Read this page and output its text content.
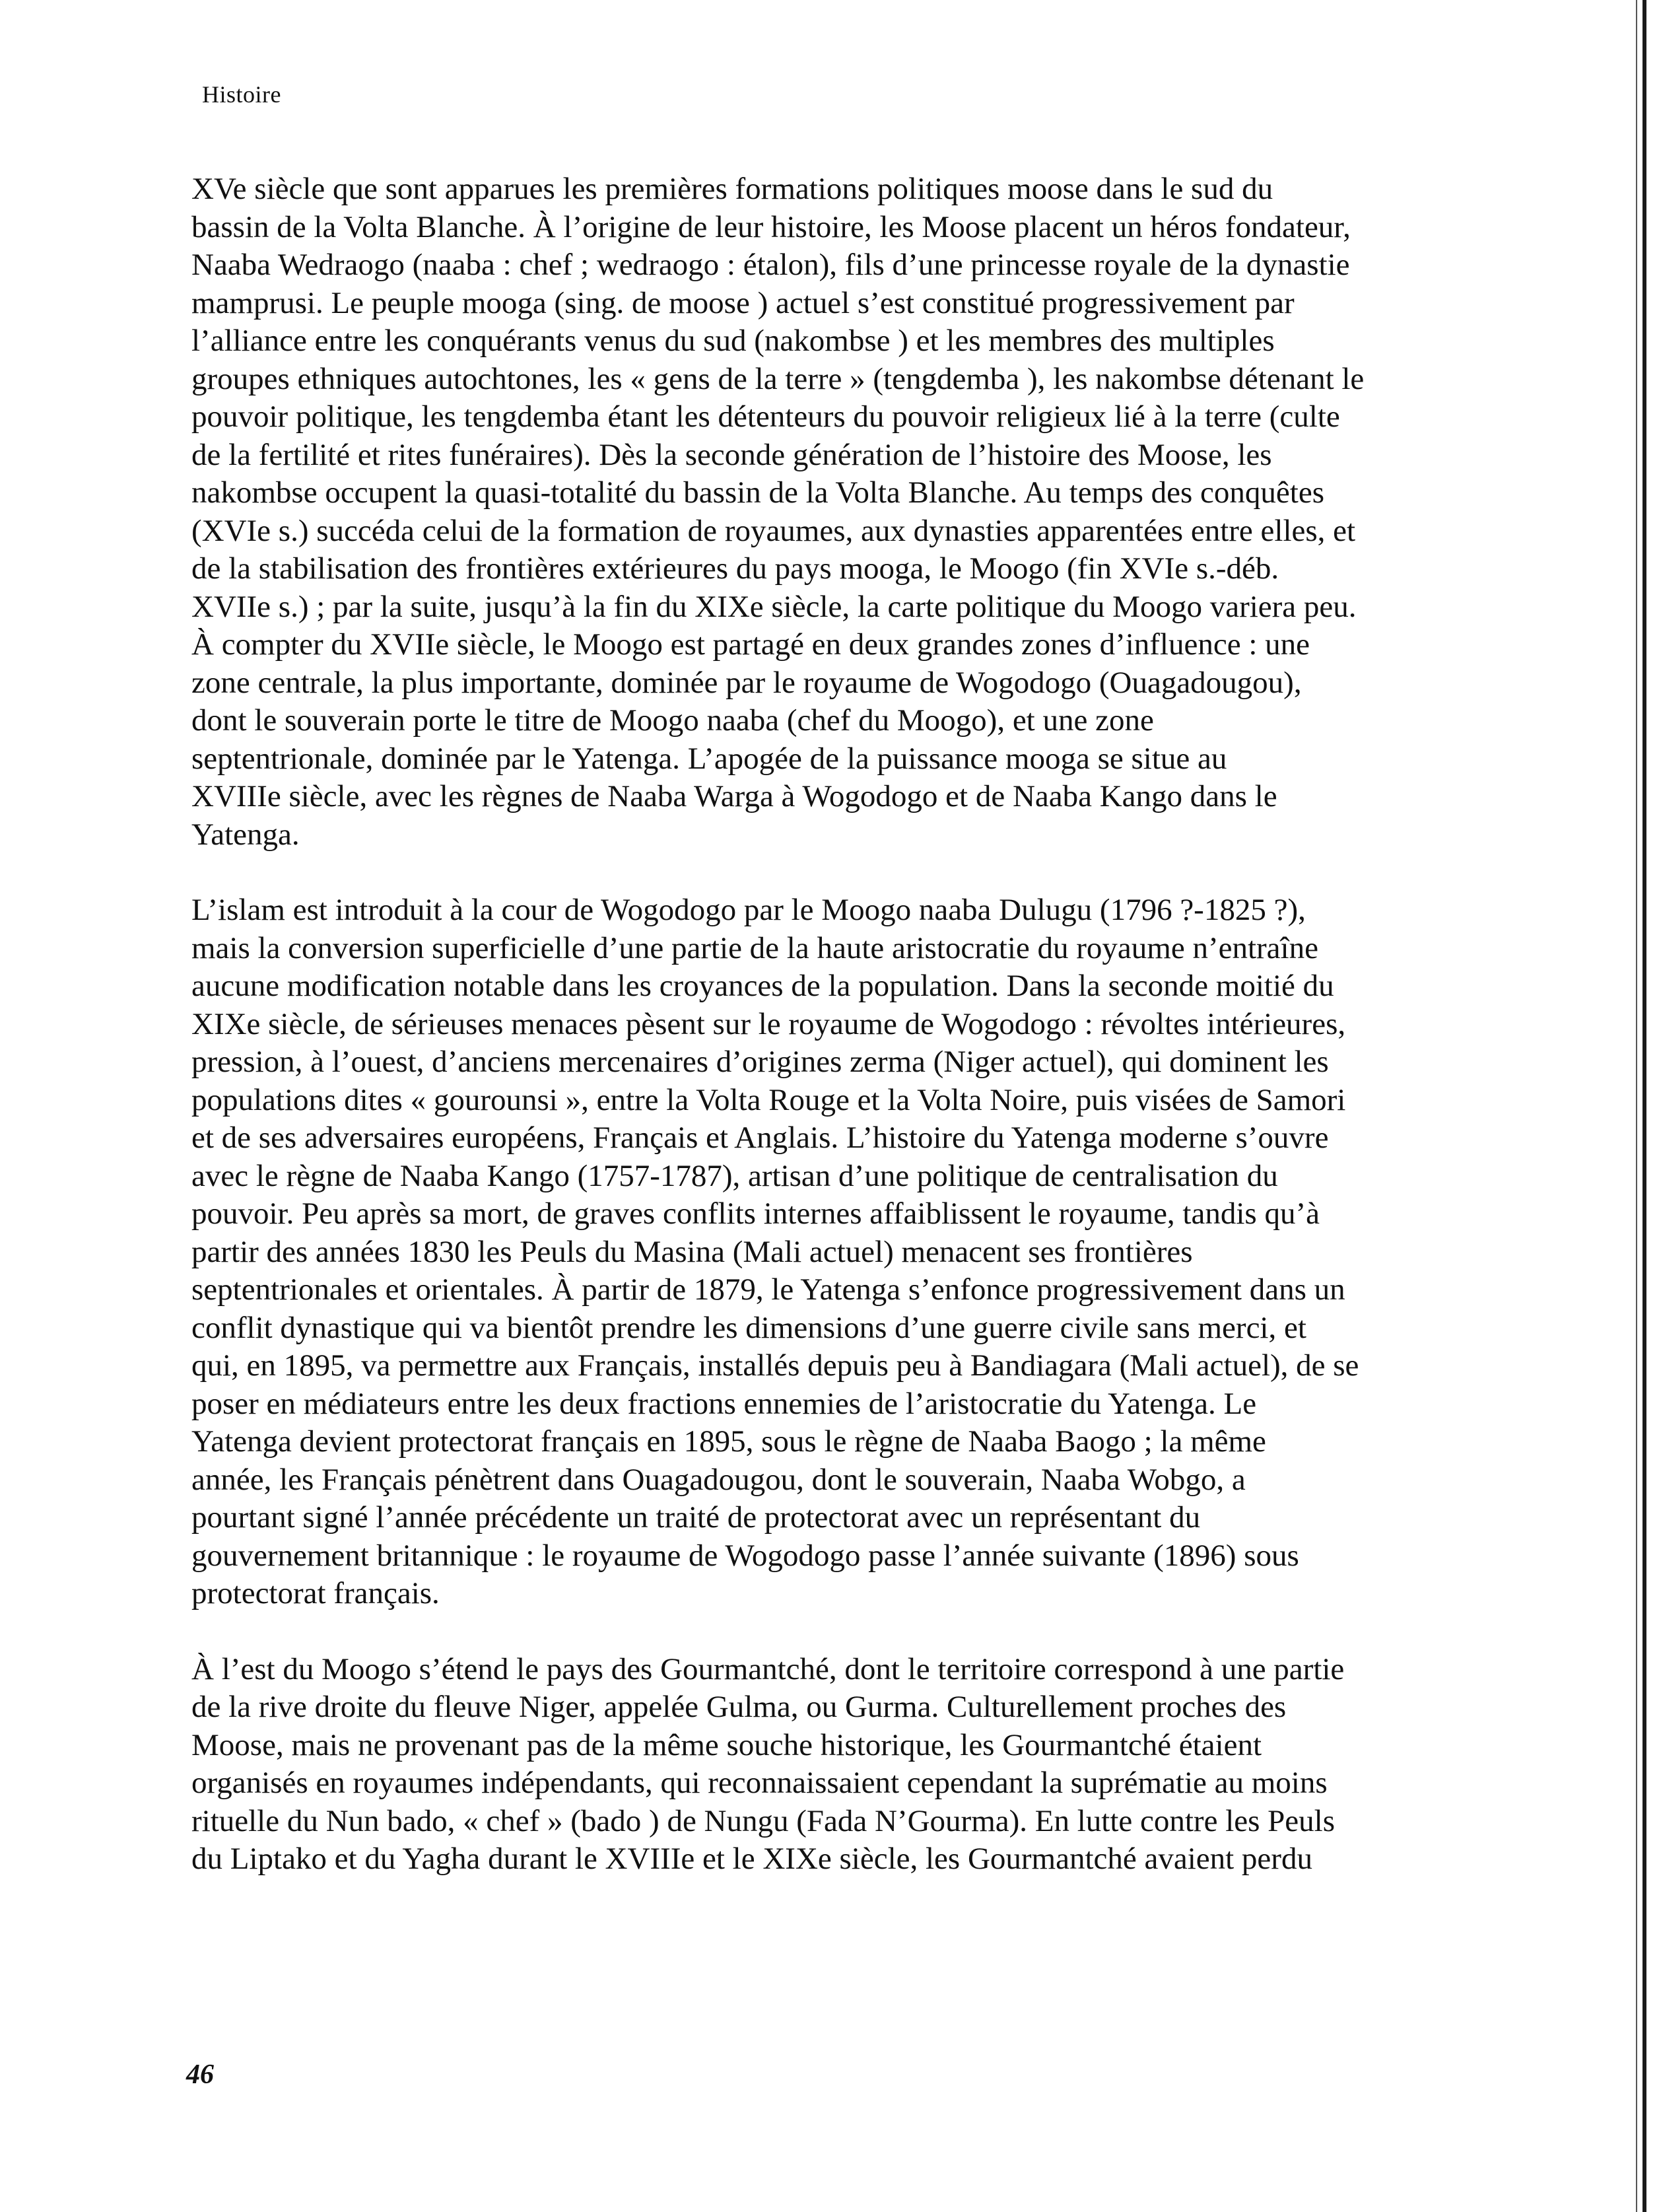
Histoire
XVe siècle que sont apparues les premières formations politiques moose dans le sud du
bassin de la Volta Blanche. À l’origine de leur histoire, les Moose placent un héros fondateur,
Naaba Wedraogo (naaba : chef ; wedraogo : étalon), fils d’une princesse royale de la dynastie
mamprusi. Le peuple mooga (sing. de moose ) actuel s’est constitué progressivement par
l’alliance entre les conquérants venus du sud (nakombse ) et les membres des multiples
groupes ethniques autochtones, les « gens de la terre » (tengdemba ), les nakombse détenant le
pouvoir politique, les tengdemba étant les détenteurs du pouvoir religieux lié à la terre (culte
de la fertilité et rites funéraires). Dès la seconde génération de l’histoire des Moose, les
nakombse occupent la quasi-totalité du bassin de la Volta Blanche. Au temps des conquêtes
(XVIe s.) succéda celui de la formation de royaumes, aux dynasties apparentées entre elles, et
de la stabilisation des frontières extérieures du pays mooga, le Moogo (fin XVIe s.-déb.
XVIIe s.) ; par la suite, jusqu’à la fin du XIXe siècle, la carte politique du Moogo variera peu.
À compter du XVIIe siècle, le Moogo est partagé en deux grandes zones d’influence : une
zone centrale, la plus importante, dominée par le royaume de Wogodogo (Ouagadougou),
dont le souverain porte le titre de Moogo naaba (chef du Moogo), et une zone
septentrionale, dominée par le Yatenga. L’apogée de la puissance mooga se situe au
XVIIIe siècle, avec les règnes de Naaba Warga à Wogodogo et de Naaba Kango dans le
Yatenga.
L’islam est introduit à la cour de Wogodogo par le Moogo naaba Dulugu (1796 ?-1825 ?),
mais la conversion superficielle d’une partie de la haute aristocratie du royaume n’entraîne
aucune modification notable dans les croyances de la population. Dans la seconde moitié du
XIXe siècle, de sérieuses menaces pèsent sur le royaume de Wogodogo : révoltes intérieures,
pression, à l’ouest, d’anciens mercenaires d’origines zerma (Niger actuel), qui dominent les
populations dites « gourounsi », entre la Volta Rouge et la Volta Noire, puis visées de Samori
et de ses adversaires européens, Français et Anglais. L’histoire du Yatenga moderne s’ouvre
avec le règne de Naaba Kango (1757-1787), artisan d’une politique de centralisation du
pouvoir. Peu après sa mort, de graves conflits internes affaiblissent le royaume, tandis qu’à
partir des années 1830 les Peuls du Masina (Mali actuel) menacent ses frontières
septentrionales et orientales. À partir de 1879, le Yatenga s’enfonce progressivement dans un
conflit dynastique qui va bientôt prendre les dimensions d’une guerre civile sans merci, et
qui, en 1895, va permettre aux Français, installés depuis peu à Bandiagara (Mali actuel), de se
poser en médiateurs entre les deux fractions ennemies de l’aristocratie du Yatenga. Le
Yatenga devient protectorat français en 1895, sous le règne de Naaba Baogo ; la même
année, les Français pénètrent dans Ouagadougou, dont le souverain, Naaba Wobgo, a
pourtant signé l’année précédente un traité de protectorat avec un représentant du
gouvernement britannique : le royaume de Wogodogo passe l’année suivante (1896) sous
protectorat français.
À l’est du Moogo s’étend le pays des Gourmantché, dont le territoire correspond à une partie
de la rive droite du fleuve Niger, appelée Gulma, ou Gurma. Culturellement proches des
Moose, mais ne provenant pas de la même souche historique, les Gourmantché étaient
organisés en royaumes indépendants, qui reconnaissaient cependant la suprématie au moins
rituelle du Nun bado, « chef » (bado ) de Nungu (Fada N’Gourma). En lutte contre les Peuls
du Liptako et du Yagha durant le XVIIIe et le XIXe siècle, les Gourmantché avaient perdu
46
